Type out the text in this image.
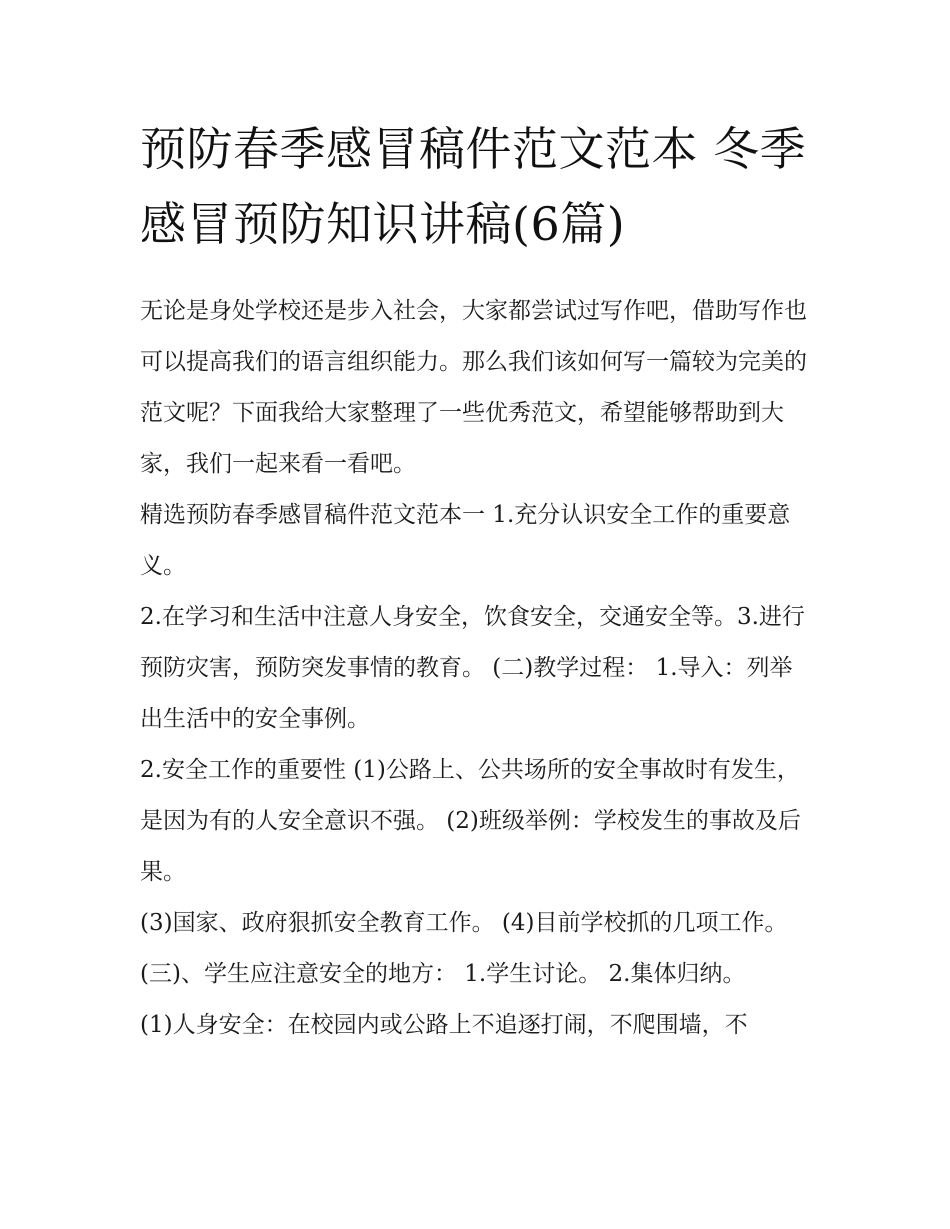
预防春季感冒稿件范文范本 冬季感冒预防知识讲稿(6篇)

无论是身处学校还是步入社会，大家都尝试过写作吧，借助写作也可以提高我们的语言组织能力。那么我们该如何写一篇较为完美的范文呢？下面我给大家整理了一些优秀范文，希望能够帮助到大家，我们一起来看一看吧。

精选预防春季感冒稿件范文范本一 1.充分认识安全工作的重要意义。

2.在学习和生活中注意人身安全，饮食安全，交通安全等。3.进行预防灾害，预防突发事情的教育。 (二)教学过程： 1.导入：列举出生活中的安全事例。

2.安全工作的重要性 (1)公路上、公共场所的安全事故时有发生，是因为有的人安全意识不强。 (2)班级举例：学校发生的事故及后果。

(3)国家、政府狠抓安全教育工作。 (4)目前学校抓的几项工作。 (三)、学生应注意安全的地方： 1.学生讨论。 2.集体归纳。

(1)人身安全：在校园内或公路上不追逐打闹，不爬围墙，不
